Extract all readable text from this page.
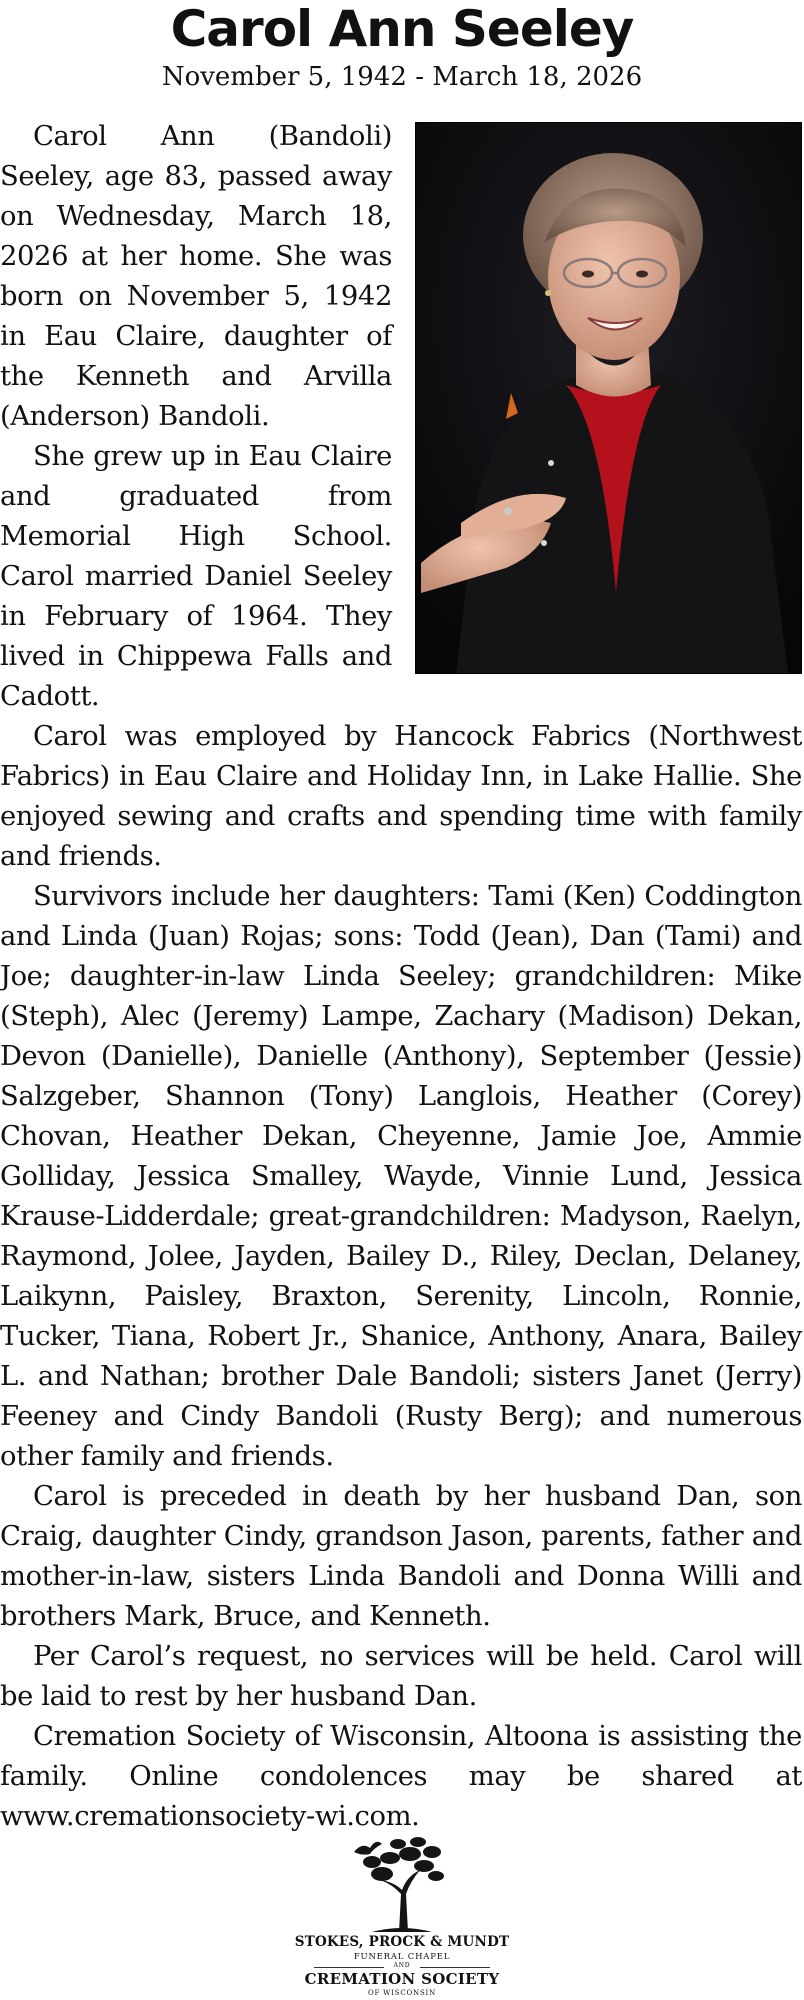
Carol Ann Seeley
November 5, 1942 - March 18, 2026

Carol Ann (Bandoli) Seeley, age 83, passed away on Wednesday, March 18, 2026 at her home. She was born on November 5, 1942 in Eau Claire, daughter of the Kenneth and Arvilla (Anderson) Bandoli.

She grew up in Eau Claire and graduated from Memorial High School. Carol married Daniel Seeley in February of 1964. They lived in Chippewa Falls and Cadott.

Carol was employed by Hancock Fabrics (Northwest Fabrics) in Eau Claire and Holiday Inn, in Lake Hallie. She enjoyed sewing and crafts and spending time with family and friends.

Survivors include her daughters: Tami (Ken) Coddington and Linda (Juan) Rojas; sons: Todd (Jean), Dan (Tami) and Joe; daughter-in-law Linda Seeley; grandchildren: Mike (Steph), Alec (Jeremy) Lampe, Zachary (Madison) Dekan, Devon (Danielle), Danielle (Anthony), September (Jessie) Salzgeber, Shannon (Tony) Langlois, Heather (Corey) Chovan, Heather Dekan, Cheyenne, Jamie Joe, Ammie Golliday, Jessica Smalley, Wayde, Vinnie Lund, Jessica Krause-Lidderdale; great-grandchildren: Madyson, Raelyn, Raymond, Jolee, Jayden, Bailey D., Riley, Declan, Delaney, Laikynn, Paisley, Braxton, Serenity, Lincoln, Ronnie, Tucker, Tiana, Robert Jr., Shanice, Anthony, Anara, Bailey L. and Nathan; brother Dale Bandoli; sisters Janet (Jerry) Feeney and Cindy Bandoli (Rusty Berg); and numerous other family and friends.

Carol is preceded in death by her husband Dan, son Craig, daughter Cindy, grandson Jason, parents, father and mother-in-law, sisters Linda Bandoli and Donna Willi and brothers Mark, Bruce, and Kenneth.

Per Carol’s request, no services will be held. Carol will be laid to rest by her husband Dan.

Cremation Society of Wisconsin, Altoona is assisting the family. Online condolences may be shared at www.cremationsociety-wi.com.

STOKES, PROCK & MUNDT
FUNERAL CHAPEL
AND
CREMATION SOCIETY
OF WISCONSIN
